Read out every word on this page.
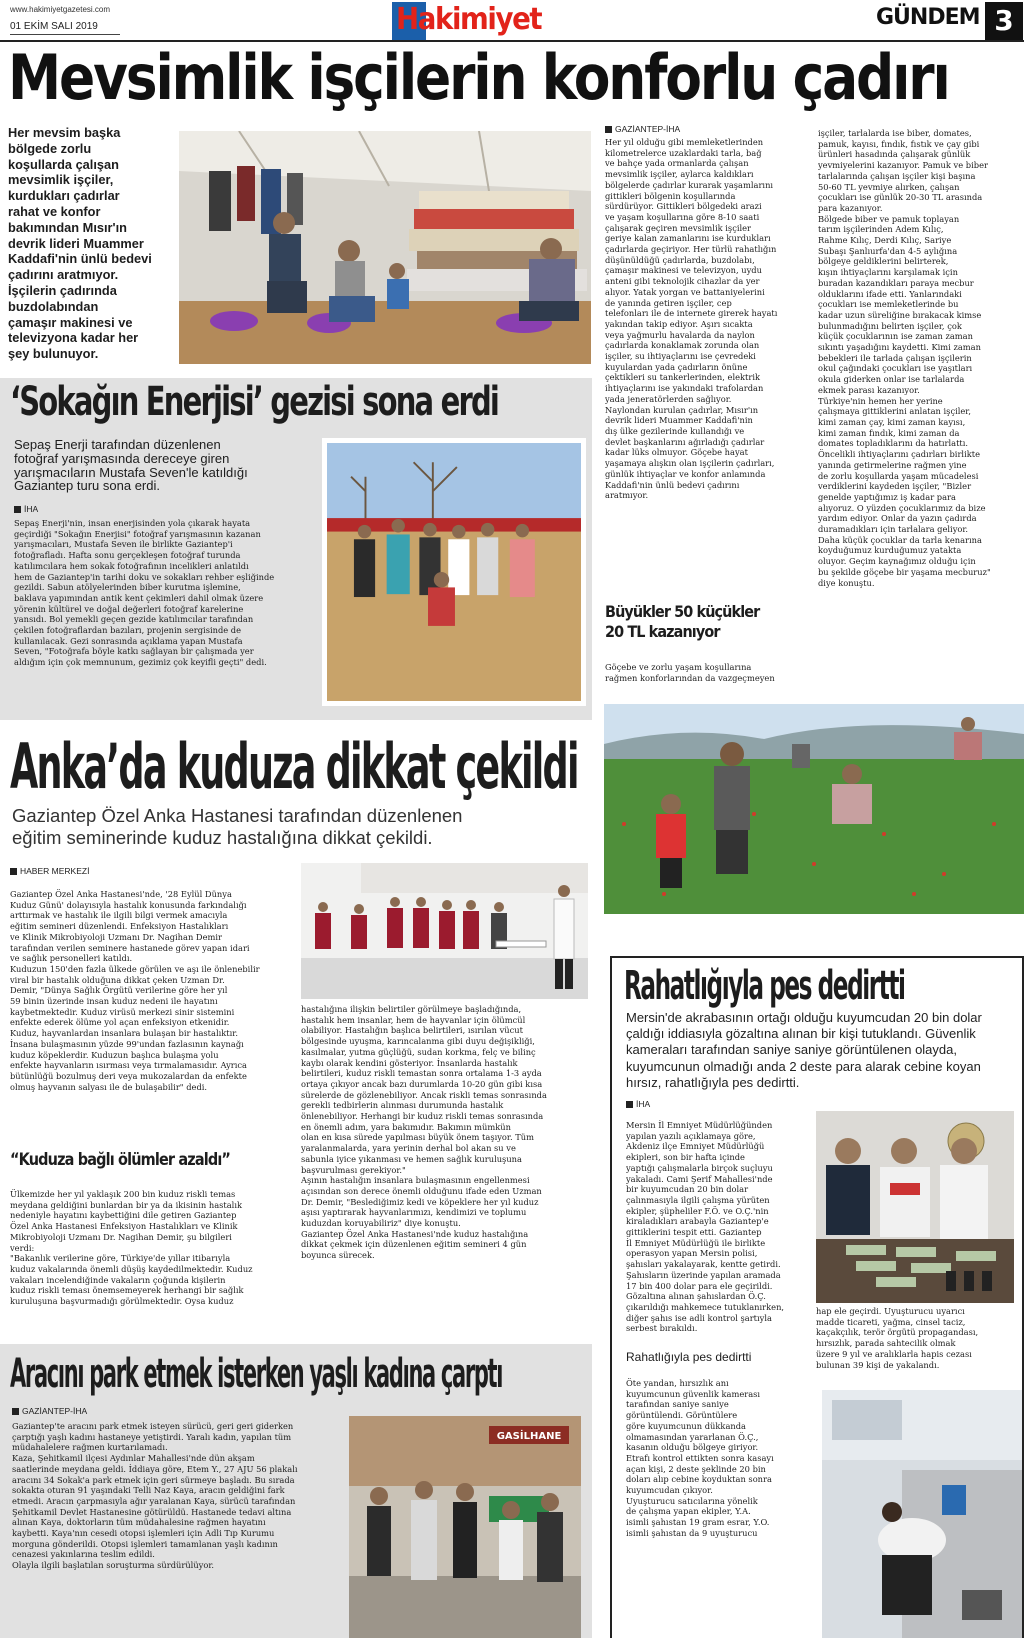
www.hakimiyetgazetesi.com
01 EKİM SALI 2019	Hakimiyet	GÜNDEM 3
Mevsimlik işçilerin konforlu çadırı
Her mevsim başka
bölgede zorlu
koşullarda çalışan
mevsimlik işçiler,
kurdukları çadırlar
rahat ve konfor
bakımından Mısır'ın
devrik lideri Muammer
Kaddafi'nin ünlü bedevi
çadırını aratmıyor.
İşçilerin çadırında
buzdolabından
çamaşır makinesi ve
televizyona kadar her
şey bulunuyor.
GAZİANTEP-İHA
Her yıl olduğu gibi memleketlerinden
kilometrelerce uzaklardaki tarla, bağ
ve bahçe yada ormanlarda çalışan
mevsimlik işçiler, aylarca kaldıkları
bölgelerde çadırlar kurarak yaşamlarını
gittikleri bölgenin koşullarında
sürdürüyor. Gittikleri bölgedeki arazi
ve yaşam koşullarına göre 8-10 saati
çalışarak geçiren mevsimlik işçiler
geriye kalan zamanlarını ise kurdukları
çadırlarda geçiriyor. Her türlü rahatlığın
düşünüldüğü çadırlarda, buzdolabı,
çamaşır makinesi ve televizyon, uydu
anteni gibi teknolojik cihazlar da yer
alıyor. Yatak yorgan ve battaniyelerini
de yanında getiren işçiler, cep
telefonları ile de internete girerek hayatı
yakından takip ediyor. Aşırı sıcakta
veya yağmurlu havalarda da naylon
çadırlarda konaklamak zorunda olan
işçiler, su ihtiyaçlarını ise çevredeki
kuyulardan yada çadırların önüne
çektikleri su tankerlerinden, elektrik
ihtiyaçlarını ise yakındaki trafolardan
yada jeneratörlerden sağlıyor.
Naylondan kurulan çadırlar, Mısır'ın
devrik lideri Muammer Kaddafi'nin
dış ülke gezilerinde kullandığı ve
devlet başkanlarını ağırladığı çadırlar
kadar lüks olmuyor. Göçebe hayat
yaşamaya alışkın olan işçilerin çadırları,
günlük ihtiyaçlar ve konfor anlamında
Kaddafi'nin ünlü bedevi çadırını
aratmıyor.
Büyükler 50 küçükler
20 TL kazanıyor
Göçebe ve zorlu yaşam koşullarına
rağmen konforlarından da vazgeçmeyen
işçiler, tarlalarda ise biber, domates,
pamuk, kayısı, fındık, fıstık ve çay gibi
ürünleri hasadında çalışarak günlük
yevmiyelerini kazanıyor. Pamuk ve biber
tarlalarında çalışan işçiler kişi başına
50-60 TL yevmiye alırken, çalışan
çocukları ise günlük 20-30 TL arasında
para kazanıyor.
Bölgede biber ve pamuk toplayan
tarım işçilerinden Adem Kılıç,
Rahme Kılıç, Derdi Kılıç, Sariye
Subaşı Şanlıurfa'dan 4-5 aylığına
bölgeye geldiklerini belirterek,
kışın ihtiyaçlarını karşılamak için
buradan kazandıkları paraya mecbur
olduklarını ifade etti. Yanlarındaki
çocukları ise memleketlerinde bu
kadar uzun süreliğine bırakacak kimse
bulunmadığını belirten işçiler, çok
küçük çocuklarının ise zaman zaman
sıkıntı yaşadığını kaydetti. Kimi zaman
bebekleri ile tarlada çalışan işçilerin
okul çağındaki çocukları ise yaşıtları
okula giderken onlar ise tarlalarda
ekmek parası kazanıyor.
Türkiye'nin hemen her yerine
çalışmaya gittiklerini anlatan işçiler,
kimi zaman çay, kimi zaman kayısı,
kimi zaman fındık, kimi zaman da
domates topladıklarını da hatırlattı.
Öncelikli ihtiyaçlarını çadırları birlikte
yanında getirmelerine rağmen yine
de zorlu koşullarda yaşam mücadelesi
verdiklerini kaydeden işçiler, "Bizler
genelde yaptığımız iş kadar para
alıyoruz. O yüzden çocuklarımız da bize
yardım ediyor. Onlar da yazın çadırda
duramadıkları için tarlalara geliyor.
Daha küçük çocuklar da tarla kenarına
koyduğumuz kurduğumuz yatakta
oluyor. Geçim kaynağımız olduğu için
bu şekilde göçebe bir yaşama mecburuz"
diye konuştu.
‘Sokağın Enerjisi’ gezisi sona erdi
Sepaş Enerji tarafından düzenlenen
fotoğraf yarışmasında dereceye giren
yarışmacıların Mustafa Seven'le katıldığı
Gaziantep turu sona erdi.
İHA
Sepaş Enerji'nin, insan enerjisinden yola çıkarak hayata
geçirdiği "Sokağın Enerjisi" fotoğraf yarışmasının kazanan
yarışmacıları, Mustafa Seven ile birlikte Gaziantep'i
fotoğrafladı. Hafta sonu gerçekleşen fotoğraf turunda
katılımcılara hem sokak fotoğrafının incelikleri anlatıldı
hem de Gaziantep'in tarihi doku ve sokakları rehber eşliğinde
gezildi. Sabun atölyelerinden biber kurutma işlemine,
baklava yapımından antik kent çekimleri dahil olmak üzere
yörenin kültürel ve doğal değerleri fotoğraf karelerine
yansıdı. Bol yemekli geçen gezide katılımcılar tarafından
çekilen fotoğraflardan bazıları, projenin sergisinde de
kullanılacak. Gezi sonrasında açıklama yapan Mustafa
Seven, "Fotoğrafa böyle katkı sağlayan bir çalışmada yer
aldığım için çok memnunum, gezimiz çok keyifli geçti" dedi.
Anka’da kuduza dikkat çekildi
Gaziantep Özel Anka Hastanesi tarafından düzenlenen
eğitim seminerinde kuduz hastalığına dikkat çekildi.
HABER MERKEZİ
Gaziantep Özel Anka Hastanesi'nde, '28 Eylül Dünya
Kuduz Günü' dolayısıyla hastalık konusunda farkındalığı
arttırmak ve hastalık ile ilgili bilgi vermek amacıyla
eğitim semineri düzenlendi. Enfeksiyon Hastalıkları
ve Klinik Mikrobiyoloji Uzmanı Dr. Nagihan Demir
tarafından verilen seminere hastanede görev yapan idari
ve sağlık personelleri katıldı.
Kuduzun 150'den fazla ülkede görülen ve aşı ile önlenebilir
viral bir hastalık olduğuna dikkat çeken Uzman Dr.
Demir, "Dünya Sağlık Örgütü verilerine göre her yıl
59 binin üzerinde insan kuduz nedeni ile hayatını
kaybetmektedir. Kuduz virüsü merkezi sinir sistemini
enfekte ederek ölüme yol açan enfeksiyon etkenidir.
Kuduz, hayvanlardan insanlara bulaşan bir hastalıktır.
İnsana bulaşmasının yüzde 99'undan fazlasının kaynağı
kuduz köpeklerdir. Kuduzun başlıca bulaşma yolu
enfekte hayvanların ısırması veya tırmalamasıdır. Ayrıca
bütünlüğü bozulmuş deri veya mukozalardan da enfekte
olmuş hayvanın salyası ile de bulaşabilir" dedi.
hastalığına ilişkin belirtiler görülmeye başladığında,
hastalık hem insanlar, hem de hayvanlar için ölümcül
olabiliyor. Hastalığın başlıca belirtileri, ısırılan vücut
bölgesinde uyuşma, karıncalanma gibi duyu değişikliği,
kasılmalar, yutma güçlüğü, sudan korkma, felç ve bilinç
kaybı olarak kendini gösteriyor. İnsanlarda hastalık
belirtileri, kuduz riskli temastan sonra ortalama 1-3 ayda
ortaya çıkıyor ancak bazı durumlarda 10-20 gün gibi kısa
sürelerde de gözlenebiliyor. Ancak riskli temas sonrasında
gerekli tedbirlerin alınması durumunda hastalık
önlenebiliyor. Herhangi bir kuduz riskli temas sonrasında
en önemli adım, yara bakımıdır. Bakımın mümkün
olan en kısa sürede yapılması büyük önem taşıyor. Tüm
yaralanmalarda, yara yerinin derhal bol akan su ve
sabunla iyice yıkanması ve hemen sağlık kuruluşuna
başvurulması gerekiyor."
Aşının hastalığın insanlara bulaşmasının engellenmesi
açısından son derece önemli olduğunu ifade eden Uzman
Dr. Demir, "Beslediğimiz kedi ve köpeklere her yıl kuduz
aşısı yaptırarak hayvanlarımızı, kendimizi ve toplumu
kuduzdan koruyabiliriz" diye konuştu.
Gaziantep Özel Anka Hastanesi'nde kuduz hastalığına
dikkat çekmek için düzenlenen eğitim semineri 4 gün
boyunca sürecek.
“Kuduza bağlı ölümler azaldı”
Ülkemizde her yıl yaklaşık 200 bin kuduz riskli temas
meydana geldiğini bunlardan bir ya da ikisinin hastalık
nedeniyle hayatını kaybettiğini dile getiren Gaziantep
Özel Anka Hastanesi Enfeksiyon Hastalıkları ve Klinik
Mikrobiyoloji Uzmanı Dr. Nagihan Demir, şu bilgileri
verdi:
"Bakanlık verilerine göre, Türkiye'de yıllar itibarıyla
kuduz vakalarında önemli düşüş kaydedilmektedir. Kuduz
vakaları incelendiğinde vakaların çoğunda kişilerin
kuduz riskli teması önemsemeyerek herhangi bir sağlık
kuruluşuna başvurmadığı görülmektedir. Oysa kuduz
Aracını park etmek isterken yaşlı kadına çarptı
GAZİANTEP-İHA
Gaziantep'te aracını park etmek isteyen sürücü, geri geri giderken
çarptığı yaşlı kadını hastaneye yetiştirdi. Yaralı kadın, yapılan tüm
müdahalelere rağmen kurtarılamadı.
Kaza, Şehitkamil ilçesi Aydınlar Mahallesi'nde dün akşam
saatlerinde meydana geldi. İddiaya göre, Etem Y., 27 AJU 56 plakalı
aracını 34 Sokak'a park etmek için geri sürmeye başladı. Bu sırada
sokakta oturan 91 yaşındaki Telli Naz Kaya, aracın geldiğini fark
etmedi. Aracın çarpmasıyla ağır yaralanan Kaya, sürücü tarafından
Şehitkamil Devlet Hastanesine götürüldü. Hastanede tedavi altına
alınan Kaya, doktorların tüm müdahalesine rağmen hayatını
kaybetti. Kaya'nın cesedi otopsi işlemleri için Adli Tıp Kurumu
morguna gönderildi. Otopsi işlemleri tamamlanan yaşlı kadının
cenazesi yakınlarına teslim edildi.
Olayla ilgili başlatılan soruşturma sürdürülüyor.
GASİLHANE
Rahatlığıyla pes dedirtti
Mersin'de akrabasının ortağı olduğu kuyumcudan 20 bin dolar
çaldığı iddiasıyla gözaltına alınan bir kişi tutuklandı. Güvenlik
kameraları tarafından saniye saniye görüntülenen olayda,
kuyumcunun olmadığı anda 2 deste para alarak cebine koyan
hırsız, rahatlığıyla pes dedirtti.
İHA
Mersin İl Emniyet Müdürlüğünden
yapılan yazılı açıklamaya göre,
Akdeniz ilçe Emniyet Müdürlüğü
ekipleri, son bir hafta içinde
yaptığı çalışmalarla birçok suçluyu
yakaladı. Cami Şerif Mahallesi'nde
bir kuyumcudan 20 bin dolar
çalınmasıyla ilgili çalışma yürüten
ekipler, şüpheliler F.Ö. ve O.Ç.'nin
kiraladıkları arabayla Gaziantep'e
gittiklerini tespit etti. Gaziantep
İl Emniyet Müdürlüğü ile birlikte
operasyon yapan Mersin polisi,
şahısları yakalayarak, kentte getirdi.
Şahısların üzerinde yapılan aramada
17 bin 400 dolar para ele geçirildi.
Gözaltına alınan şahıslardan Ö.Ç.
çıkarıldığı mahkemece tutuklanırken,
diğer şahıs ise adli kontrol şartıyla
serbest bırakıldı.
hap ele geçirdi. Uyuşturucu uyarıcı
madde ticareti, yağma, cinsel taciz,
kaçakçılık, terör örgütü propagandası,
hırsızlık, parada sahtecilik olmak
üzere 9 yıl ve aralıklarla hapis cezası
bulunan 39 kişi de yakalandı.
Rahatlığıyla pes dedirtti
Öte yandan, hırsızlık anı
kuyumcunun güvenlik kamerası
tarafından saniye saniye
görüntülendi. Görüntülere
göre kuyumcunun dükkanda
olmamasından yararlanan Ö.Ç.,
kasanın olduğu bölgeye giriyor.
Etrafı kontrol ettikten sonra kasayı
açan kişi, 2 deste şeklinde 20 bin
doları alıp cebine koyduktan sonra
kuyumcudan çıkıyor.
Uyuşturucu satıcılarına yönelik
de çalışma yapan ekipler, Y.A.
isimli şahıstan 19 gram esrar, Y.O.
isimli şahıstan da 9 uyuşturucu
